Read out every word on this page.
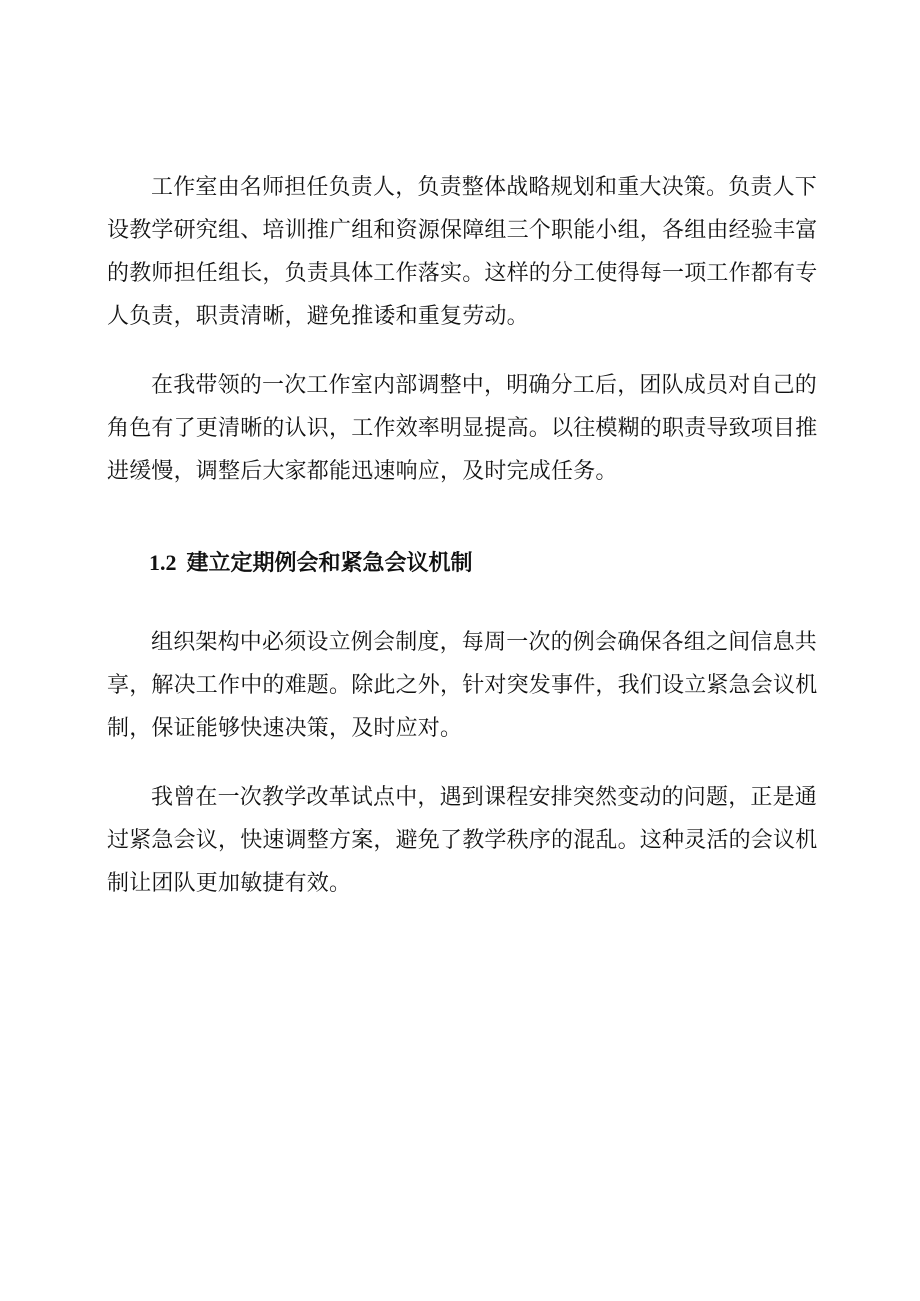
工作室由名师担任负责人，负责整体战略规划和重大决策。负责人下设教学研究组、培训推广组和资源保障组三个职能小组，各组由经验丰富的教师担任组长，负责具体工作落实。这样的分工使得每一项工作都有专人负责，职责清晰，避免推诿和重复劳动。

在我带领的一次工作室内部调整中，明确分工后，团队成员对自己的角色有了更清晰的认识，工作效率明显提高。以往模糊的职责导致项目推进缓慢，调整后大家都能迅速响应，及时完成任务。

1.2 建立定期例会和紧急会议机制

组织架构中必须设立例会制度，每周一次的例会确保各组之间信息共享，解决工作中的难题。除此之外，针对突发事件，我们设立紧急会议机制，保证能够快速决策，及时应对。

我曾在一次教学改革试点中，遇到课程安排突然变动的问题，正是通过紧急会议，快速调整方案，避免了教学秩序的混乱。这种灵活的会议机制让团队更加敏捷有效。
